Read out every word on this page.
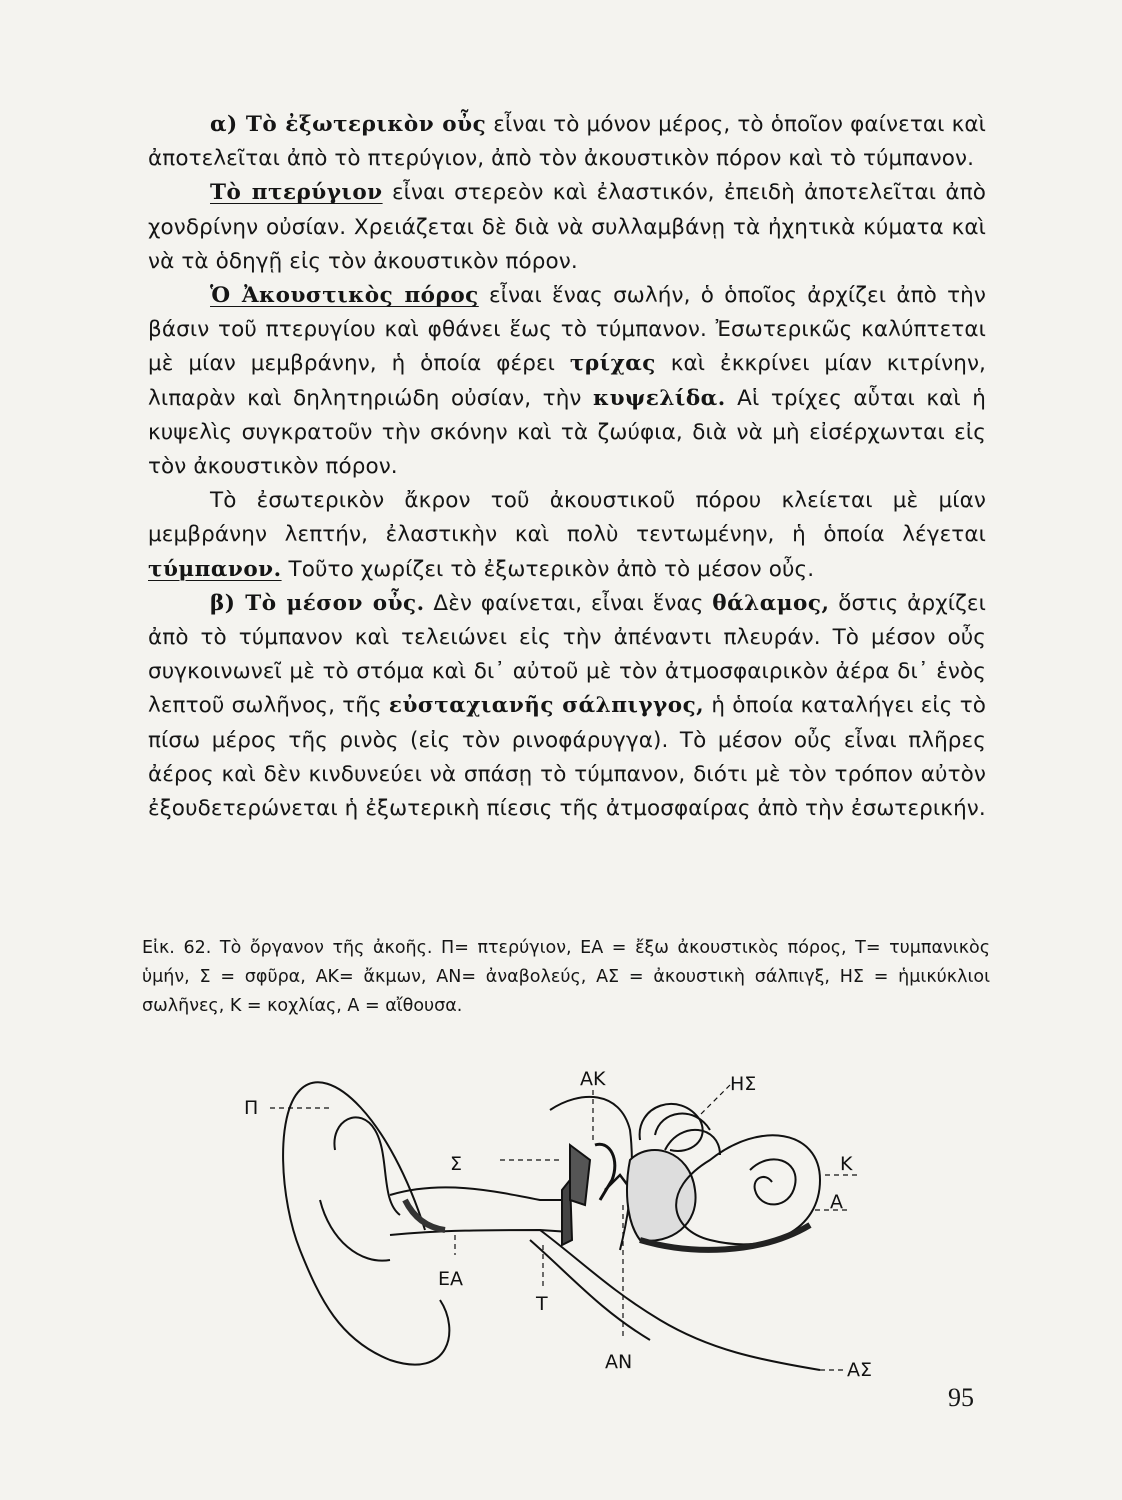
α) Τὸ ἐξωτερικὸν οὖς εἶναι τὸ μόνον μέρος, τὸ ὁποῖον φαίνεται καὶ ἀποτελεῖται ἀπὸ τὸ πτερύγιον, ἀπὸ τὸν ἀκουστικὸν πόρον καὶ τὸ τύμπανον.

Τὸ πτερύγιον εἶναι στερεὸν καὶ ἐλαστικόν, ἐπειδὴ ἀποτελεῖται ἀπὸ χονδρίνην οὐσίαν. Χρειάζεται δὲ διὰ νὰ συλλαμβάνῃ τὰ ἠχητικὰ κύματα καὶ νὰ τὰ ὁδηγῇ εἰς τὸν ἀκουστικὸν πόρον.

Ὁ Ἀκουστικὸς πόρος εἶναι ἕνας σωλήν, ὁ ὁποῖος ἀρχίζει ἀπὸ τὴν βάσιν τοῦ πτερυγίου καὶ φθάνει ἕως τὸ τύμπανον. Ἐσωτερικῶς καλύπτεται μὲ μίαν μεμβράνην, ἡ ὁποία φέρει τρίχας καὶ ἐκκρίνει μίαν κιτρίνην, λιπαρὰν καὶ δηλητηριώδη οὐσίαν, τὴν κυψελίδα. Αἱ τρίχες αὗται καὶ ἡ κυψελὶς συγκρατοῦν τὴν σκόνην καὶ τὰ ζωύφια, διὰ νὰ μὴ εἰσέρχωνται εἰς τὸν ἀκουστικὸν πόρον.

Τὸ ἐσωτερικὸν ἄκρον τοῦ ἀκουστικοῦ πόρου κλείεται μὲ μίαν μεμβράνην λεπτήν, ἐλαστικὴν καὶ πολὺ τεντωμένην, ἡ ὁποία λέγεται τύμπανον. Τοῦτο χωρίζει τὸ ἐξωτερικὸν ἀπὸ τὸ μέσον οὖς.

β) Τὸ μέσον οὖς. Δὲν φαίνεται, εἶναι ἕνας θάλαμος, ὅστις ἀρχίζει ἀπὸ τὸ τύμπανον καὶ τελειώνει εἰς τὴν ἀπέναντι πλευράν. Τὸ μέσον οὖς συγκοινωνεῖ μὲ τὸ στόμα καὶ δι᾽ αὐτοῦ μὲ τὸν ἀτμοσφαιρικὸν ἀέρα δι᾽ ἑνὸς λεπτοῦ σωλῆνος, τῆς εὐσταχιανῆς σάλπιγγος, ἡ ὁποία καταλήγει εἰς τὸ πίσω μέρος τῆς ρινὸς (εἰς τὸν ρινοφάρυγγα). Τὸ μέσον οὖς εἶναι πλῆρες ἀέρος καὶ δὲν κινδυνεύει νὰ σπάσῃ τὸ τύμπανον, διότι μὲ τὸν τρόπον αὐτὸν ἐξουδετερώνεται ἡ ἐξωτερικὴ πίεσις τῆς ἀτμοσφαίρας ἀπὸ τὴν ἐσωτερικήν.

Εἰκ. 62. Τὸ ὄργανον τῆς ἀκοῆς. Π= πτερύγιον, ΕΑ = ἔξω ἀκουστικὸς πόρος, Τ= τυμπανικὸς ὑμήν, Σ = σφῦρα, ΑΚ= ἄκμων, ΑΝ= ἀναβολεύς, ΑΣ = ἀκουστικὴ σάλπιγξ, ΗΣ = ἡμικύκλιοι σωλῆνες, Κ = κοχλίας, Α = αἴθουσα.
Π
Σ
ΑΚ	ΗΣ
Κ
Α
ΕΑ
Τ
ΑΝ	ΑΣ
95
